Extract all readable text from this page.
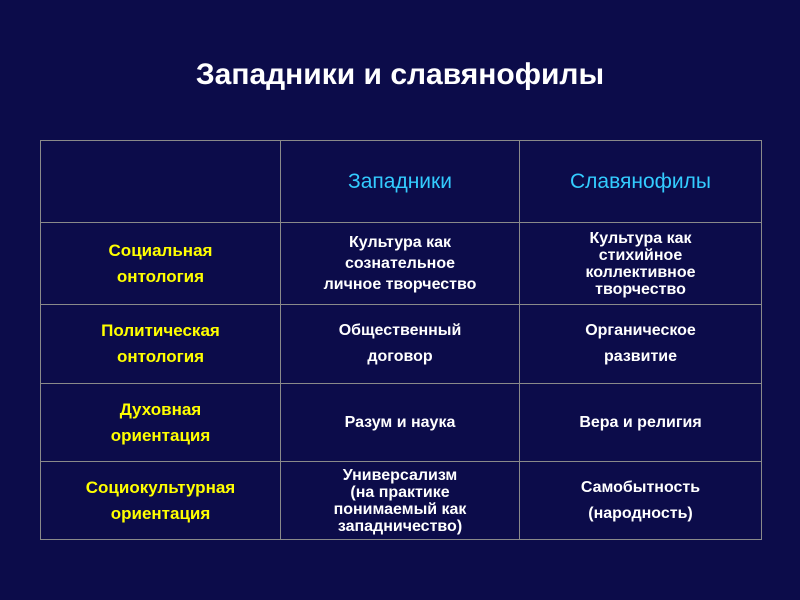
Западники и славянофилы
Западники	Славянофилы
Социальная
онтология
Культура как
сознательное
личное творчество
Культура как
стихийное
коллективное
творчество
Политическая
онтология
Общественный
договор
Органическое
развитие
Духовная
ориентация
Разум и наука	Вера и религия
Социокультурная
ориентация
Универсализм
(на практике
понимаемый как
западничество)
Самобытность
(народность)
